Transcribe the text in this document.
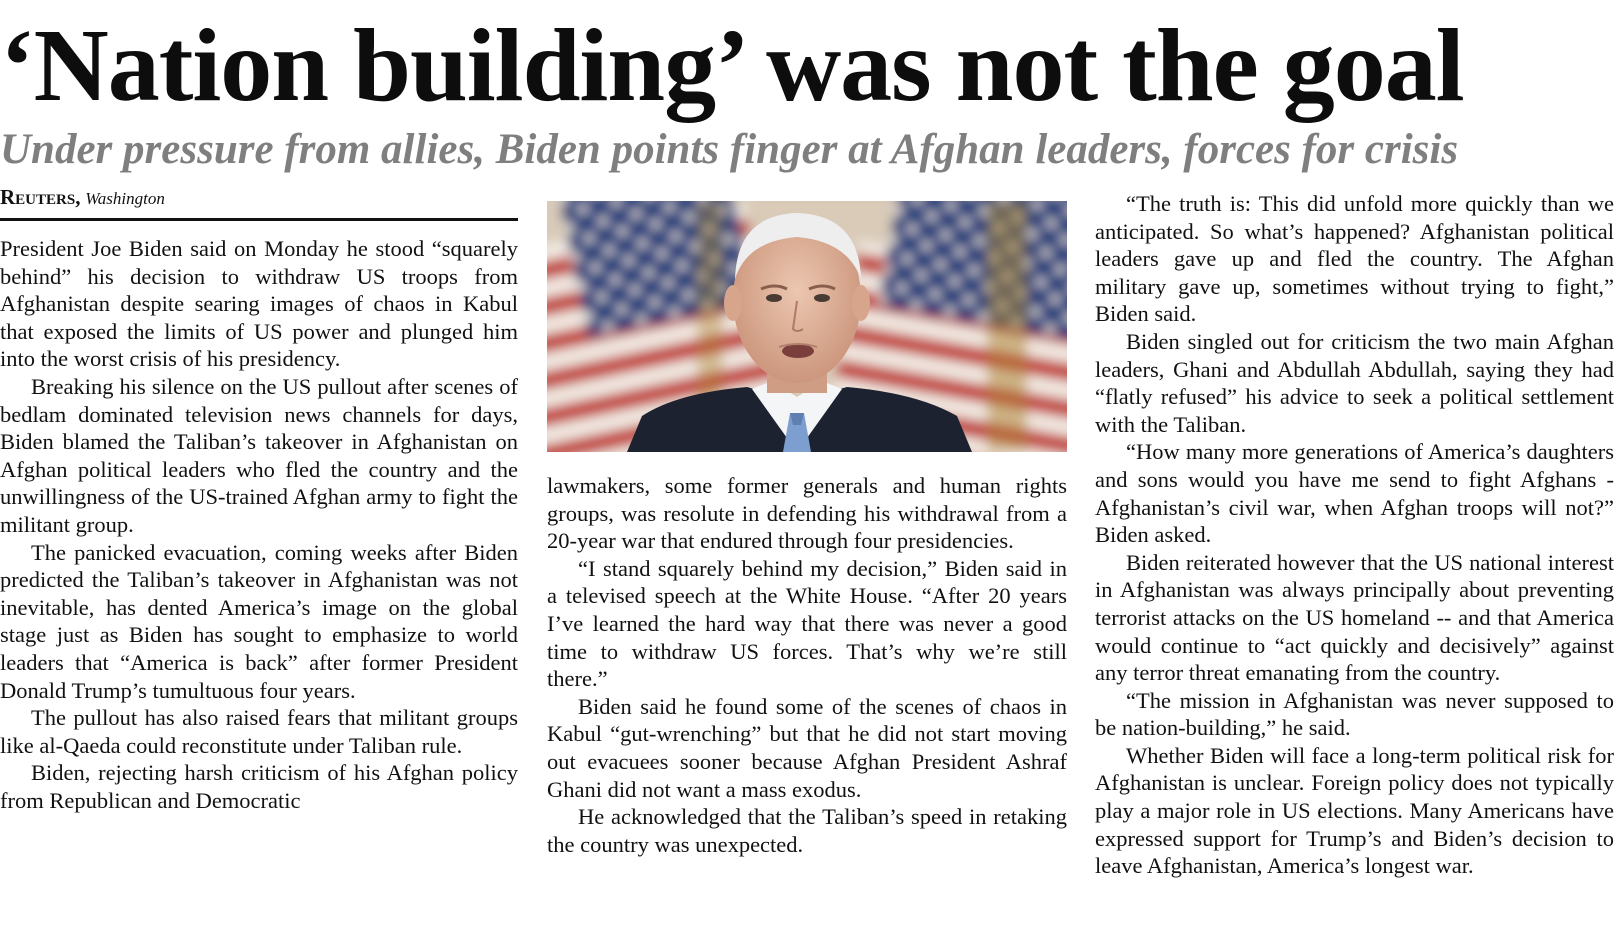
‘Nation building’ was not the goal
Under pressure from allies, Biden points finger at Afghan leaders, forces for crisis
Reuters, Washington

President Joe Biden said on Monday he stood “squarely behind” his decision to withdraw US troops from Afghanistan despite searing images of chaos in Kabul that exposed the limits of US power and plunged him into the worst crisis of his presidency.

Breaking his silence on the US pullout after scenes of bedlam dominated television news channels for days, Biden blamed the Taliban’s takeover in Afghanistan on Afghan political leaders who fled the country and the unwillingness of the US-trained Afghan army to fight the militant group.

The panicked evacuation, coming weeks after Biden predicted the Taliban’s takeover in Afghanistan was not inevitable, has dented America’s image on the global stage just as Biden has sought to emphasize to world leaders that “America is back” after former President Donald Trump’s tumultuous four years.

The pullout has also raised fears that militant groups like al-Qaeda could reconstitute under Taliban rule.

Biden, rejecting harsh criticism of his Afghan policy from Republican and Democratic

lawmakers, some former generals and human rights groups, was resolute in defending his withdrawal from a 20-year war that endured through four presidencies.

“I stand squarely behind my decision,” Biden said in a televised speech at the White House. “After 20 years I’ve learned the hard way that there was never a good time to withdraw US forces. That’s why we’re still there.”

Biden said he found some of the scenes of chaos in Kabul “gut-wrenching” but that he did not start moving out evacuees sooner because Afghan President Ashraf Ghani did not want a mass exodus.

He acknowledged that the Taliban’s speed in retaking the country was unexpected.

“The truth is: This did unfold more quickly than we anticipated. So what’s happened? Afghanistan political leaders gave up and fled the country. The Afghan military gave up, sometimes without trying to fight,” Biden said.

Biden singled out for criticism the two main Afghan leaders, Ghani and Abdullah Abdullah, saying they had “flatly refused” his advice to seek a political settlement with the Taliban.

“How many more generations of America’s daughters and sons would you have me send to fight Afghans - Afghanistan’s civil war, when Afghan troops will not?” Biden asked.

Biden reiterated however that the US national interest in Afghanistan was always principally about preventing terrorist attacks on the US homeland -- and that America would continue to “act quickly and decisively” against any terror threat emanating from the country.

“The mission in Afghanistan was never supposed to be nation-building,” he said.

Whether Biden will face a long-term political risk for Afghanistan is unclear. Foreign policy does not typically play a major role in US elections. Many Americans have expressed support for Trump’s and Biden’s decision to leave Afghanistan, America’s longest war.
